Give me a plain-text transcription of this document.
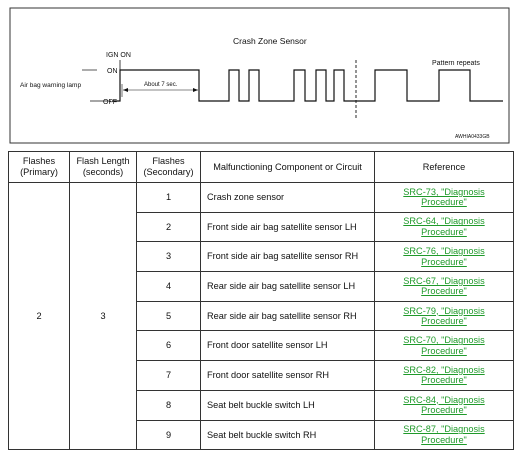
Crash Zone Sensor
IGN ON
ON
Air bag warning lamp
OFF
About 7 sec.
Pattern repeats
AWHIA0433GB
Flashes (Primary)	Flash Length (seconds)	Flashes (Secondary)	Malfunctioning Component or Circuit	Reference
2	3	1	Crash zone sensor	SRC-73, "Diagnosis Procedure"

		2	Front side air bag satellite sensor LH	SRC-64, "Diagnosis Procedure"

		3	Front side air bag satellite sensor RH	SRC-76, "Diagnosis Procedure"

		4	Rear side air bag satellite sensor LH	SRC-67, "Diagnosis Procedure"

		5	Rear side air bag satellite sensor RH	SRC-79, "Diagnosis Procedure"

		6	Front door satellite sensor LH	SRC-70, "Diagnosis Procedure"

		7	Front door satellite sensor RH	SRC-82, "Diagnosis Procedure"

		8	Seat belt buckle switch LH	SRC-84, "Diagnosis Procedure"

		9	Seat belt buckle switch RH	SRC-87, "Diagnosis Procedure"
